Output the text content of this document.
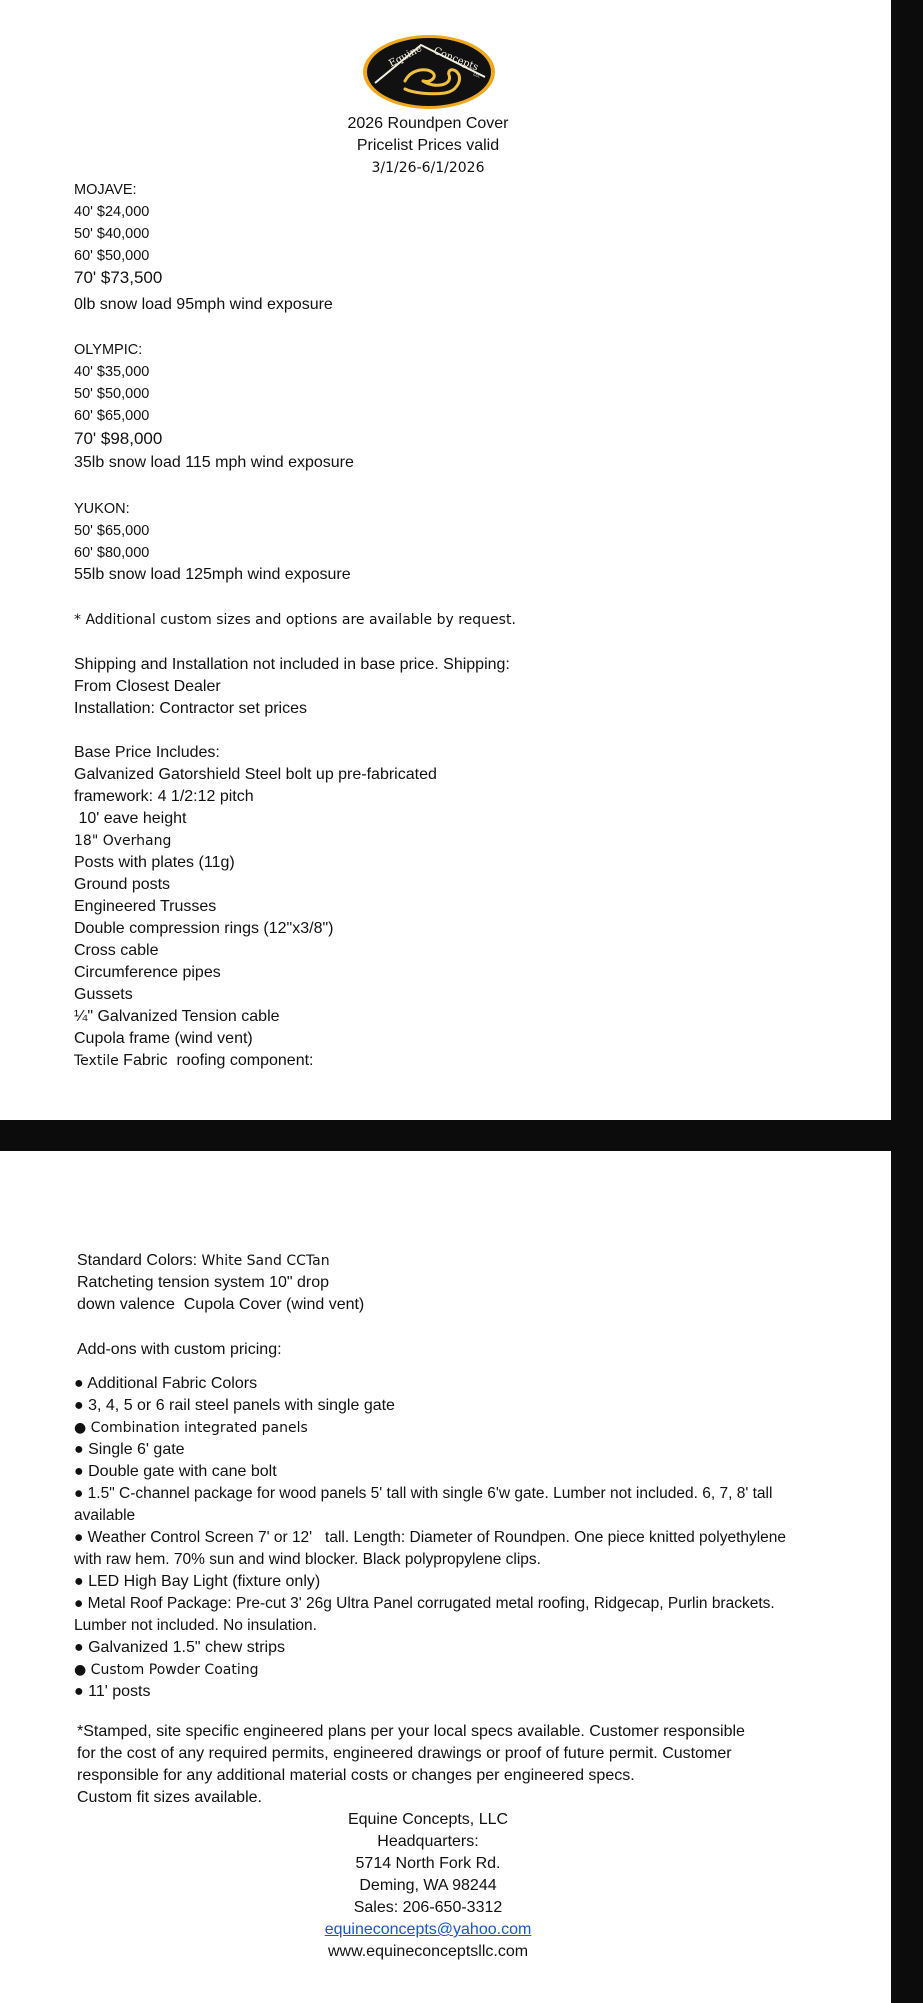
Equine Concepts
LLC
2026 Roundpen Cover
Pricelist Prices valid
3/1/26-6/1/2026
MOJAVE:
40' $24,000
50' $40,000
60' $50,000
70' $73,500
0lb snow load 95mph wind exposure
OLYMPIC:
40' $35,000
50' $50,000
60' $65,000
70' $98,000
35lb snow load 115 mph wind exposure
YUKON:
50' $65,000
60' $80,000
55lb snow load 125mph wind exposure
* Additional custom sizes and options are available by request.
Shipping and Installation not included in base price. Shipping:
From Closest Dealer
Installation: Contractor set prices
Base Price Includes:
Galvanized Gatorshield Steel bolt up pre-fabricated
framework: 4 1/2:12 pitch
10' eave height
18" Overhang
Posts with plates (11g)
Ground posts
Engineered Trusses
Double compression rings (12"x3/8")
Cross cable
Circumference pipes
Gussets
¼" Galvanized Tension cable
Cupola frame (wind vent)
Textile Fabric  roofing component:
Standard Colors: White Sand CCTan
Ratcheting tension system 10" drop
down valence  Cupola Cover (wind vent)
Add-ons with custom pricing:
● Additional Fabric Colors
● 3, 4, 5 or 6 rail steel panels with single gate
● Combination integrated panels
● Single 6' gate
● Double gate with cane bolt
● 1.5" C-channel package for wood panels 5' tall with single 6'w gate. Lumber not included. 6, 7, 8' tall
available
● Weather Control Screen 7' or 12'   tall. Length: Diameter of Roundpen. One piece knitted polyethylene
with raw hem. 70% sun and wind blocker. Black polypropylene clips.
● LED High Bay Light (fixture only)
● Metal Roof Package: Pre-cut 3' 26g Ultra Panel corrugated metal roofing, Ridgecap, Purlin brackets.
Lumber not included. No insulation.
● Galvanized 1.5" chew strips
● Custom Powder Coating
● 11' posts
*Stamped, site specific engineered plans per your local specs available. Customer responsible
for the cost of any required permits, engineered drawings or proof of future permit. Customer
responsible for any additional material costs or changes per engineered specs.
Custom fit sizes available.
Equine Concepts, LLC
Headquarters:
5714 North Fork Rd.
Deming, WA 98244
Sales: 206-650-3312
equineconcepts@yahoo.com
www.equineconceptsllc.com
